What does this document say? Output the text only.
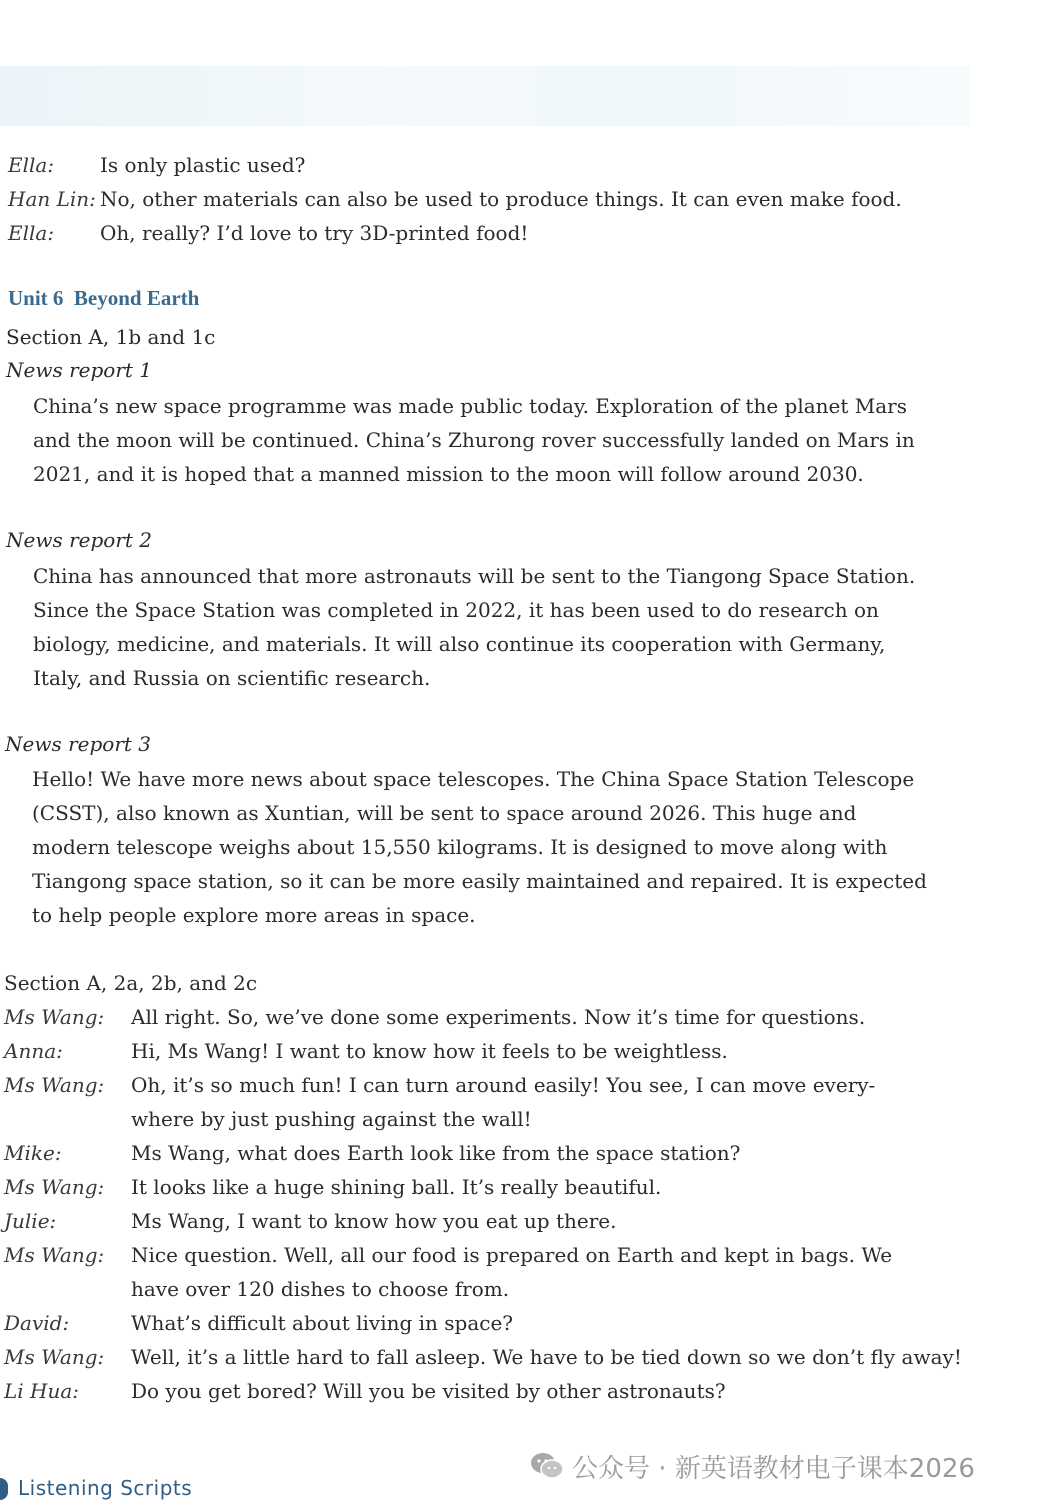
Ella: Is only plastic used?
Han Lin: No, other materials can also be used to produce things. It can even make food.
Ella: Oh, really? I’d love to try 3D-printed food!
Unit 6  Beyond Earth
Section A, 1b and 1c
News report 1
China’s new space programme was made public today. Exploration of the planet Mars
and the moon will be continued. China’s Zhurong rover successfully landed on Mars in
2021, and it is hoped that a manned mission to the moon will follow around 2030.
News report 2
China has announced that more astronauts will be sent to the Tiangong Space Station.
Since the Space Station was completed in 2022, it has been used to do research on
biology, medicine, and materials. It will also continue its cooperation with Germany,
Italy, and Russia on scientific research.
News report 3
Hello! We have more news about space telescopes. The China Space Station Telescope
(CSST), also known as Xuntian, will be sent to space around 2026. This huge and
modern telescope weighs about 15,550 kilograms. It is designed to move along with
Tiangong space station, so it can be more easily maintained and repaired. It is expected
to help people explore more areas in space.
Section A, 2a, 2b, and 2c
Ms Wang: All right. So, we’ve done some experiments. Now it’s time for questions.
Anna:	Hi, Ms Wang! I want to know how it feels to be weightless.
Ms Wang: Oh, it’s so much fun! I can turn around easily! You see, I can move every-
where by just pushing against the wall!
Mike:	Ms Wang, what does Earth look like from the space station?
Ms Wang: It looks like a huge shining ball. It’s really beautiful.
Julie:	Ms Wang, I want to know how you eat up there.
Ms Wang: Nice question. Well, all our food is prepared on Earth and kept in bags. We
have over 120 dishes to choose from.
David:	What’s difficult about living in space?
Ms Wang: Well, it’s a little hard to fall asleep. We have to be tied down so we don’t fly away!
Li Hua:	Do you get bored? Will you be visited by other astronauts?
Listening Scripts
公众号 · 新英语教材电子课本2026
